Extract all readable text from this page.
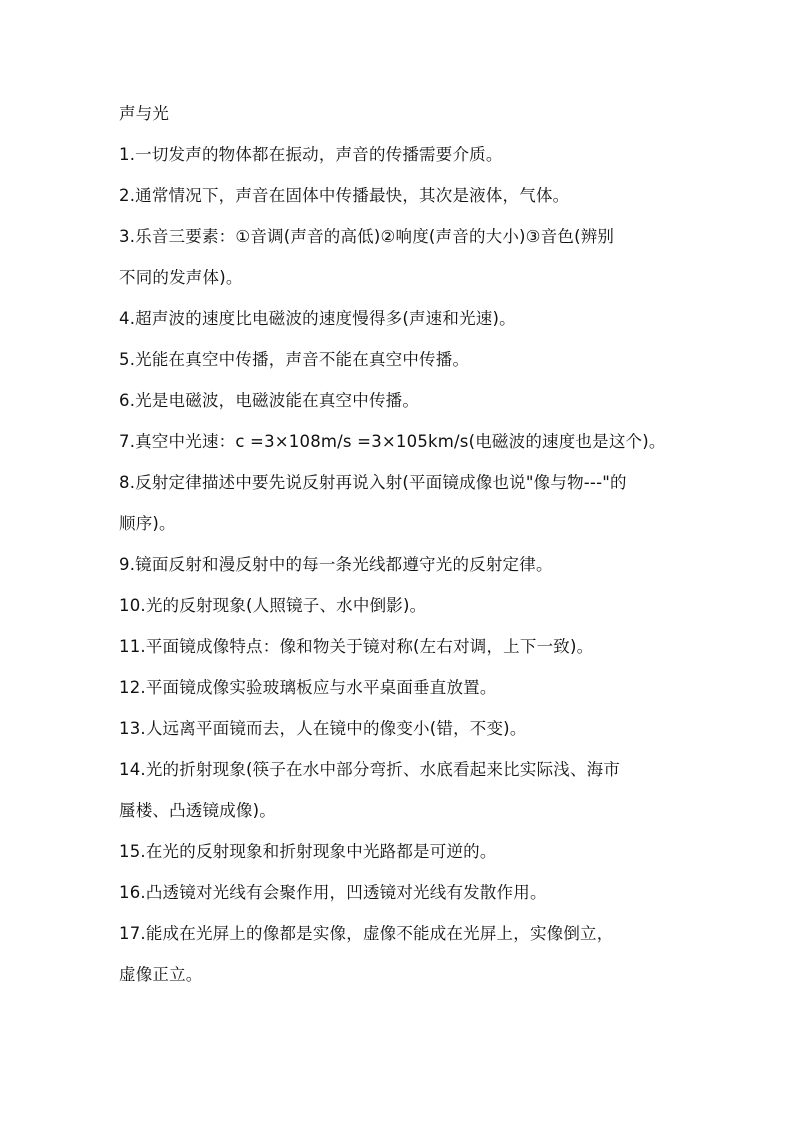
声与光

1.一切发声的物体都在振动，声音的传播需要介质。

2.通常情况下，声音在固体中传播最快，其次是液体，气体。

3.乐音三要素：①音调(声音的高低)②响度(声音的大小)③音色(辨别

不同的发声体)。

4.超声波的速度比电磁波的速度慢得多(声速和光速)。

5.光能在真空中传播，声音不能在真空中传播。

6.光是电磁波，电磁波能在真空中传播。

7.真空中光速：c =3×108m/s =3×105km/s(电磁波的速度也是这个)。

8.反射定律描述中要先说反射再说入射(平面镜成像也说"像与物---"的

顺序)。

9.镜面反射和漫反射中的每一条光线都遵守光的反射定律。

10.光的反射现象(人照镜子、水中倒影)。

11.平面镜成像特点：像和物关于镜对称(左右对调，上下一致)。

12.平面镜成像实验玻璃板应与水平桌面垂直放置。

13.人远离平面镜而去，人在镜中的像变小(错，不变)。

14.光的折射现象(筷子在水中部分弯折、水底看起来比实际浅、海市

蜃楼、凸透镜成像)。

15.在光的反射现象和折射现象中光路都是可逆的。

16.凸透镜对光线有会聚作用，凹透镜对光线有发散作用。

17.能成在光屏上的像都是实像，虚像不能成在光屏上，实像倒立，

虚像正立。
